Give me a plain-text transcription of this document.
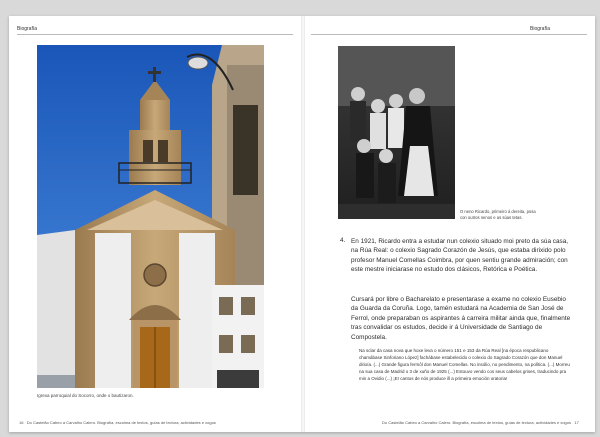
Biografía	Biografía
Igrexa parroquial do Socorro, onde o bautizaron.
O neno Ricardo, primeiro á dereita, posa
con outros nenos e as súas tetas.
4. En 1921, Ricardo entra a estudar nun colexio situado moi preto da súa casa, na Rúa Real: o colexio Sagrado Corazón de Jesús, que estaba dirixido polo profesor Manuel Comellas Coimbra, por quen sentiu grande admiración; con este mestre iniciarase no estudo dos clásicos, Retórica e Poética.
Cursará por libre o Bacharelato e presentarase a exame no colexio Eusebio da Guarda da Coruña. Logo, tamén estudará na Academia de San José de Ferrol, onde preparaban os aspirantes á carreira militar ainda que, finalmente tras convalidar os estudos, decide ir á Universidade de Santiago de Compostela.
Na sclar da casa nova que hoxe leva o número 151 e 153 da Rúa Real [na época respublicano chamábase Sinforiano López] fachábase estabelecido o colexio do Sagrado Corazón que don Manuel dirixía. (...) Grande figura fermôl don Manuel Comellas. No insólio, no pendimento, na política. (...) Morreu na sua casa de Madrid o 3 de xuño de 1925 (...) Estouvo vendo cos seus cabelos grises, traducindo pra min a Ovidio (...) ¡E! cantos de nós produce ill a primeira emoción oratoria!
16 Do Castelão Cabeo a Carvalho Calero. Biografía, escolma de textos, guías de lectura, actividades e xogos	Do Castelão Cabeo a Carvalho Calero. Biografía, escolma de textos, guías de lectura, actividades e xogos 17
